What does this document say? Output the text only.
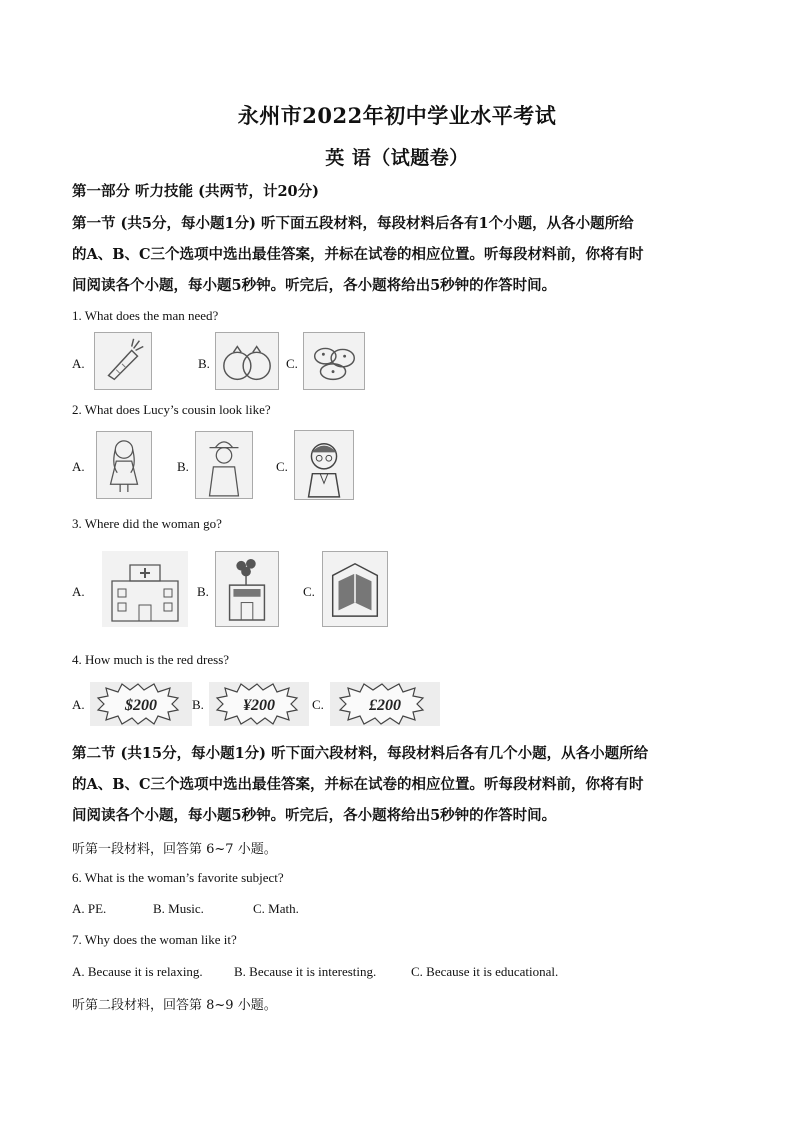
永州市2022年初中学业水平考试
英 语（试题卷）
第一部分 听力技能 (共两节，计20分)
第一节 (共5分，每小题1分) 听下面五段材料，每段材料后各有1个小题，从各小题所给
的A、B、C三个选项中选出最佳答案，并标在试卷的相应位置。听每段材料前，你将有时
间阅读各个小题，每小题5秒钟。听完后，各小题将给出5秒钟的作答时间。
1. What does the man need?
A.	B.	C.
2. What does Lucy’s cousin look like?
A.	B.	C.
3. Where did the woman go?
A.	B.	C.
4. How much is the red dress?
A.	$200	B. ¥200	C.	£200
第二节 (共15分，每小题1分) 听下面六段材料，每段材料后各有几个小题，从各小题所给
的A、B、C三个选项中选出最佳答案，并标在试卷的相应位置。听每段材料前，你将有时
间阅读各个小题，每小题5秒钟。听完后，各小题将给出5秒钟的作答时间。
听第一段材料，回答第 6~7 小题。
6. What is the woman’s favorite subject?
A. PE.	B. Music.	C. Math.
7. Why does the woman like it?
A. Because it is relaxing. B. Because it is interesting.	C. Because it is educational.
听第二段材料，回答第 8~9 小题。
